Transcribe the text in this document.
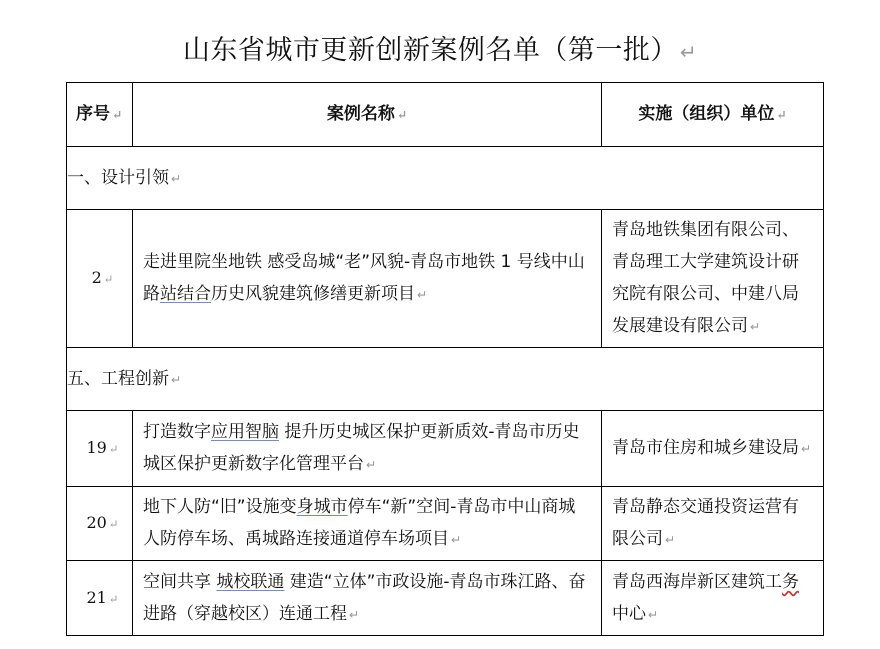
山东省城市更新创新案例名单（第一批） ↵
序号 ↵	案例名称 ↵	实施（组织）单位 ↵
一、设计引领 ↵		
2 ↵	走进里院坐地铁 感受岛城“老”风貌-青岛市地铁 1 号线中山路站结合历史风貌建筑修缮更新项目 ↵	青岛地铁集团有限公司、青岛理工大学建筑设计研究院有限公司、中建八局发展建设有限公司 ↵
五、工程创新 ↵		
19 ↵	打造数字应用智脑 提升历史城区保护更新质效-青岛市历史城区保护更新数字化管理平台 ↵	青岛市住房和城乡建设局 ↵
20 ↵	地下人防“旧”设施变身城市停车“新”空间-青岛市中山商城人防停车场、禹城路连接通道停车场项目 ↵	青岛静态交通投资运营有限公司 ↵
21 ↵	空间共享 城校联通 建造“立体”市政设施-青岛市珠江路、奋进路（穿越校区）连通工程 ↵	青岛西海岸新区建筑工务中心 ↵
